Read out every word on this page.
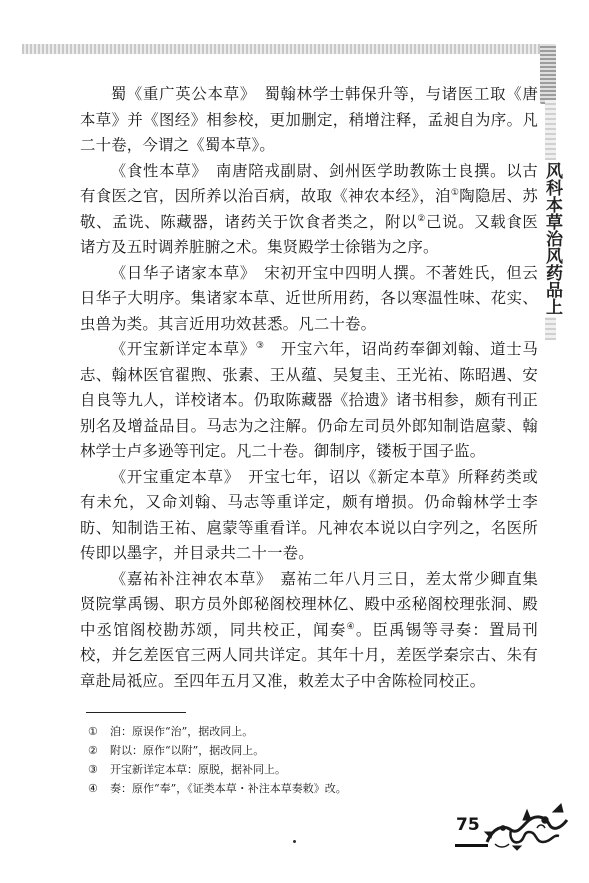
风科本草治风药品上

蜀《重广英公本草》　蜀翰林学士韩保升等，与诸医工取《唐本草》并《图经》相参校，更加删定，稍增注释，孟昶自为序。凡二十卷，今谓之《蜀本草》。

《食性本草》　南唐陪戎副尉、剑州医学助教陈士良撰。以古有食医之官，因所养以治百病，故取《神农本经》，洎①陶隐居、苏敬、孟诜、陈藏器，诸药关于饮食者类之，附以②己说。又载食医诸方及五时调养脏腑之术。集贤殿学士徐锴为之序。

《日华子诸家本草》　宋初开宝中四明人撰。不著姓氏，但云日华子大明序。集诸家本草、近世所用药，各以寒温性味、花实、虫兽为类。其言近用功效甚悉。凡二十卷。

《开宝新详定本草》③　开宝六年，诏尚药奉御刘翰、道士马志、翰林医官翟煦、张素、王从蕴、吴复圭、王光祐、陈昭遇、安自良等九人，详校诸本。仍取陈藏器《拾遗》诸书相参，颇有刊正别名及增益品目。马志为之注解。仍命左司员外郎知制诰扈蒙、翰林学士卢多逊等刊定。凡二十卷。御制序，镂板于国子监。

《开宝重定本草》　开宝七年，诏以《新定本草》所释药类或有未允，又命刘翰、马志等重详定，颇有增损。仍命翰林学士李昉、知制诰王祐、扈蒙等重看详。凡神农本说以白字列之，名医所传即以墨字，并目录共二十一卷。

《嘉祐补注神农本草》　嘉祐二年八月三日，差太常少卿直集贤院掌禹锡、职方员外郎秘阁校理林亿、殿中丞秘阁校理张洞、殿中丞馆阁校勘苏颂，同共校正，闻奏④。臣禹锡等寻奏：置局刊校，并乞差医官三两人同共详定。其年十月，差医学秦宗古、朱有章赴局祗应。至四年五月又准，敕差太子中舍陈检同校正。

① 洎：原误作“治”，据改同上。
② 附以：原作“以附”，据改同上。
③ 开宝新详定本草：原脱，据补同上。
④ 奏：原作“奉”，《证类本草・补注本草奏敕》改。
75
